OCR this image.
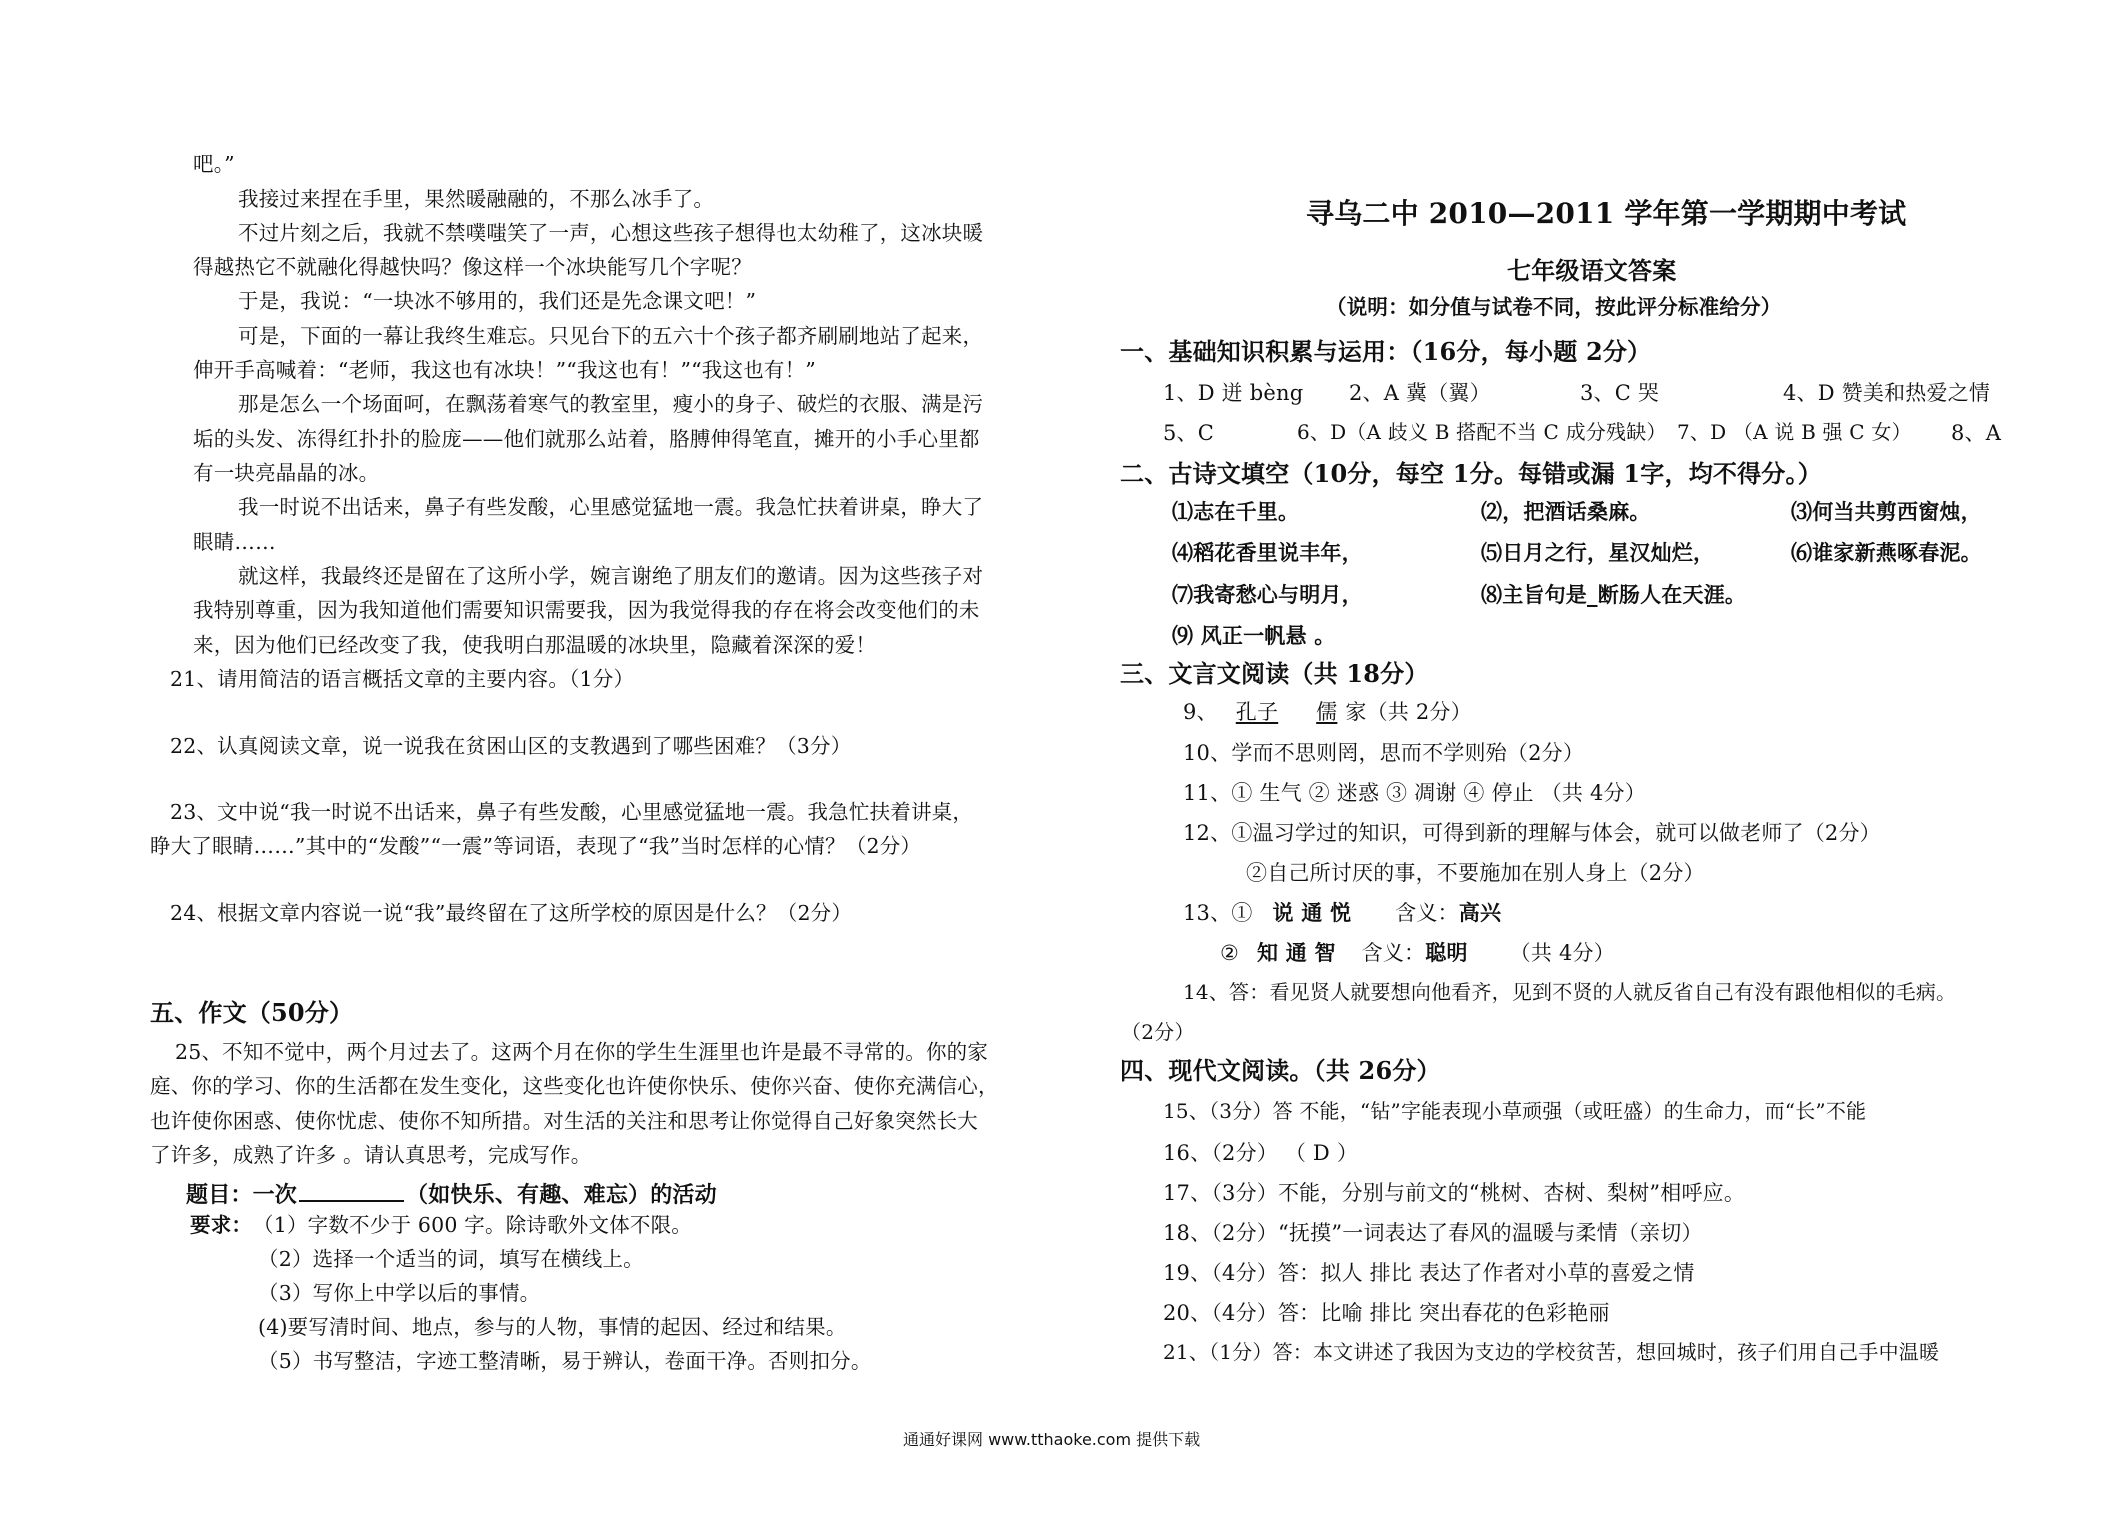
吧。”
我接过来捏在手里，果然暖融融的，不那么冰手了。
不过片刻之后，我就不禁噗嗤笑了一声，心想这些孩子想得也太幼稚了，这冰块暖
得越热它不就融化得越快吗？像这样一个冰块能写几个字呢？
于是，我说：“一块冰不够用的，我们还是先念课文吧！”
可是，下面的一幕让我终生难忘。只见台下的五六十个孩子都齐刷刷地站了起来，
伸开手高喊着：“老师，我这也有冰块！”“我这也有！”“我这也有！”
那是怎么一个场面呵，在飘荡着寒气的教室里，瘦小的身子、破烂的衣服、满是污
垢的头发、冻得红扑扑的脸庞——他们就那么站着，胳膊伸得笔直，摊开的小手心里都
有一块亮晶晶的冰。
我一时说不出话来，鼻子有些发酸，心里感觉猛地一震。我急忙扶着讲桌，睁大了
眼睛……
就这样，我最终还是留在了这所小学，婉言谢绝了朋友们的邀请。因为这些孩子对
我特别尊重，因为我知道他们需要知识需要我，因为我觉得我的存在将会改变他们的未
来，因为他们已经改变了我，使我明白那温暖的冰块里，隐藏着深深的爱！
21、请用简洁的语言概括文章的主要内容。（1分）
22、认真阅读文章，说一说我在贫困山区的支教遇到了哪些困难？（3分）
23、文中说“我一时说不出话来，鼻子有些发酸，心里感觉猛地一震。我急忙扶着讲桌，
睁大了眼睛……”其中的“发酸”“一震”等词语，表现了“我”当时怎样的心情？（2分）
24、根据文章内容说一说“我”最终留在了这所学校的原因是什么？（2分）
五、作文（50分）
25、不知不觉中，两个月过去了。这两个月在你的学生生涯里也许是最不寻常的。你的家
庭、你的学习、你的生活都在发生变化，这些变化也许使你快乐、使你兴奋、使你充满信心，
也许使你困惑、使你忧虑、使你不知所措。对生活的关注和思考让你觉得自己好象突然长大
了许多，成熟了许多 。请认真思考，完成写作。
题目：一次	（如快乐、有趣、难忘）的活动
要求： （1）字数不少于 600 字。除诗歌外文体不限。
（2）选择一个适当的词，填写在横线上。
（3）写你上中学以后的事情。
(4)要写清时间、地点，参与的人物，事情的起因、经过和结果。
（5）书写整洁，字迹工整清晰，易于辨认，卷面干净。否则扣分。
寻乌二中 2010—2011 学年第一学期期中考试
七年级语文答案
（说明：如分值与试卷不同，按此评分标准给分）
一、基础知识积累与运用：（16分，每小题 2分）
1、D 迸 bèng 2、A 冀（翼）	3、C 哭	4、D 赞美和热爱之情
5、C	6、D（A 歧义 B 搭配不当 C 成分残缺） 7、D （A 说 B 强 C 女） 8、A
二、古诗文填空（10分，每空 1分。每错或漏 1字，均不得分。）
⑴志在千里。	⑵，把酒话桑麻。	⑶何当共剪西窗烛，
⑷稻花香里说丰年，	⑸日月之行，星汉灿烂，	⑹谁家新燕啄春泥。
⑺我寄愁心与明月，	⑻主旨句是_断肠人在天涯。
⑼ 风正一帆悬 。
三、文言文阅读（共 18分）
9、 孔子 儒 家（共 2分）
10、学而不思则罔，思而不学则殆（2分）
11、① 生气 ② 迷惑 ③ 凋谢 ④ 停止 （共 4分）
12、①温习学过的知识，可得到新的理解与体会，就可以做老师了（2分）
②自己所讨厌的事，不要施加在别人身上（2分）
13、① 说 通 悦 含义：高兴
② 知 通 智 含义：聪明 （共 4分）
14、答：看见贤人就要想向他看齐，见到不贤的人就反省自己有没有跟他相似的毛病。
（2分）
四、现代文阅读。（共 26分）
15、（3分）答 不能，“钻”字能表现小草顽强（或旺盛）的生命力，而“长”不能
16、（2分） （ D ）
17、（3分）不能，分别与前文的“桃树、杏树、梨树”相呼应。
18、（2分）“抚摸”一词表达了春风的温暖与柔情（亲切）
19、（4分）答：拟人 排比 表达了作者对小草的喜爱之情
20、（4分）答：比喻 排比 突出春花的色彩艳丽
21、（1分）答：本文讲述了我因为支边的学校贫苦，想回城时，孩子们用自己手中温暖
通通好课网 www.tthaoke.com 提供下载
